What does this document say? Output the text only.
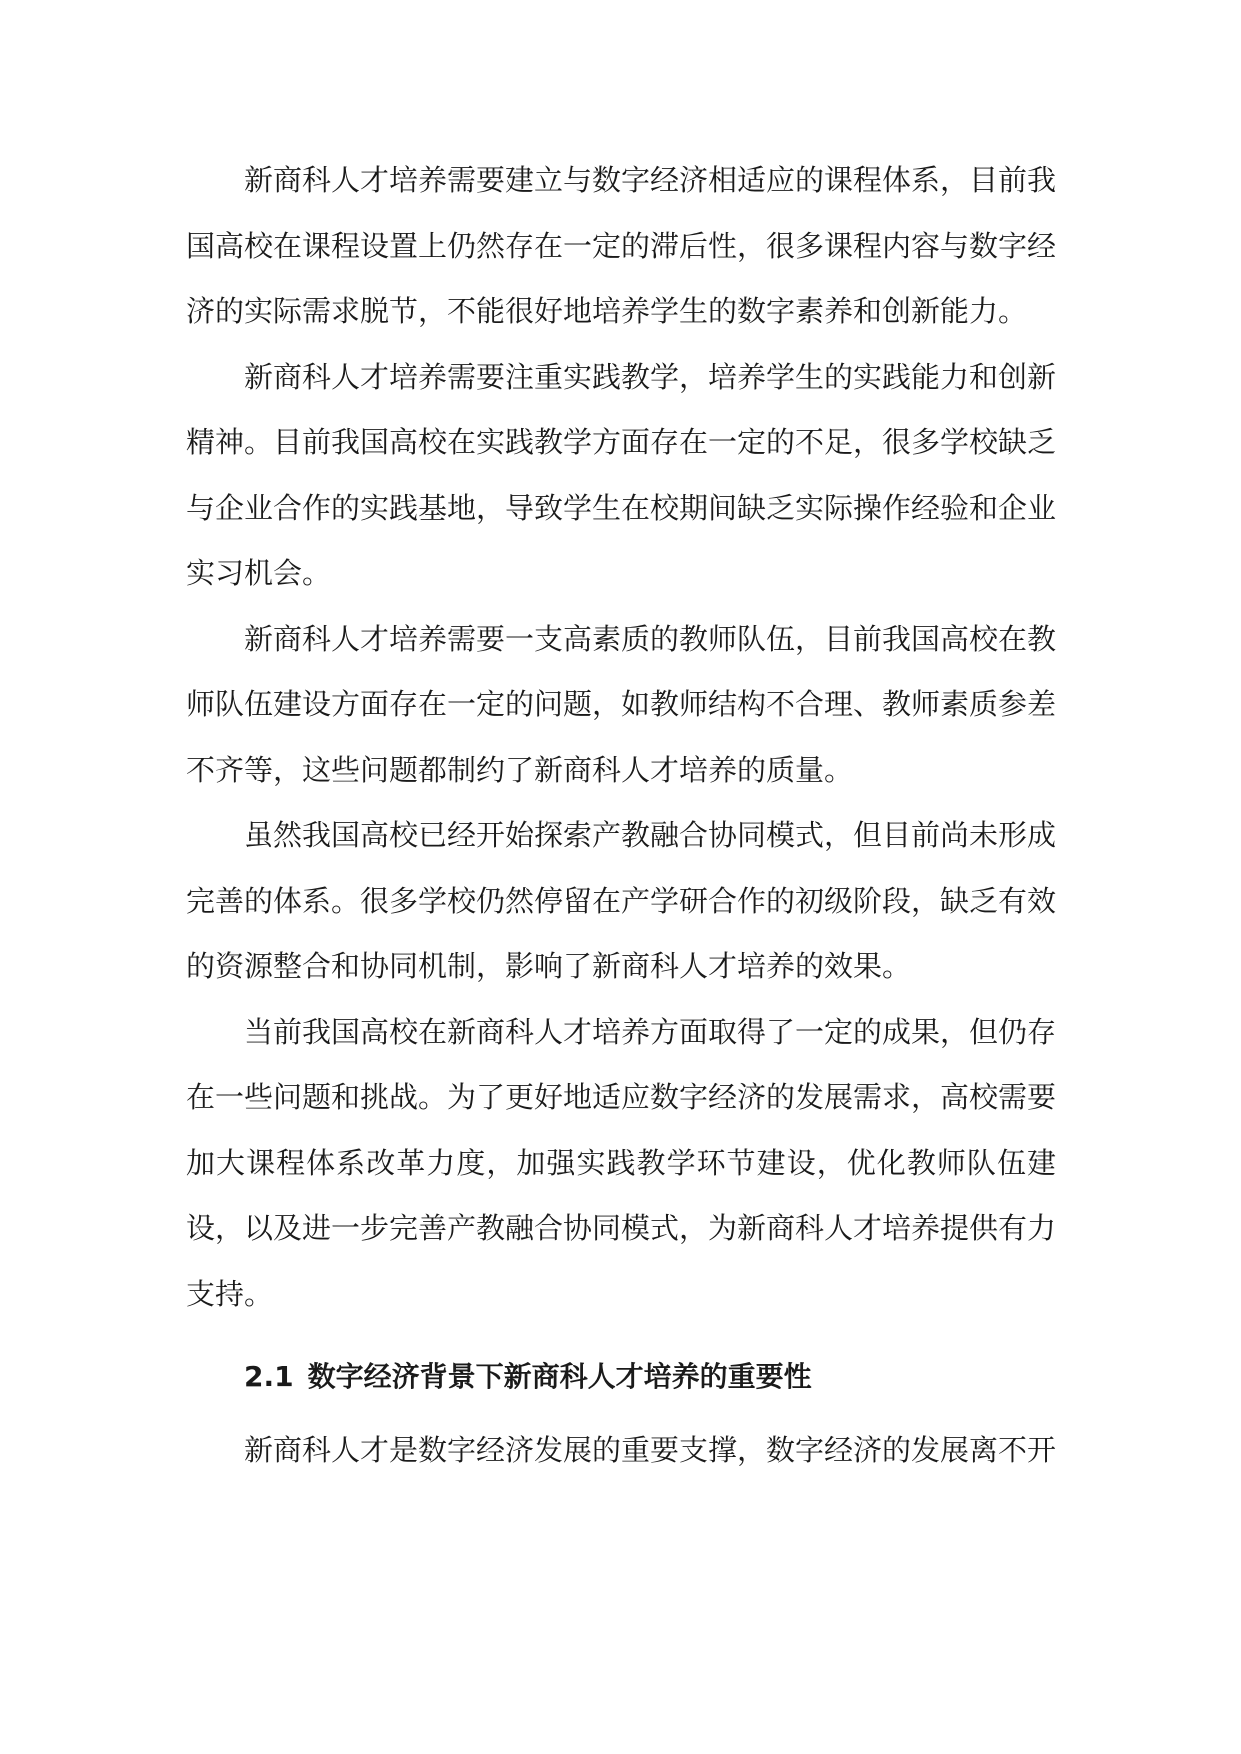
新商科人才培养需要建立与数字经济相适应的课程体系，目前我国高校在课程设置上仍然存在一定的滞后性，很多课程内容与数字经济的实际需求脱节，不能很好地培养学生的数字素养和创新能力。

新商科人才培养需要注重实践教学，培养学生的实践能力和创新精神。目前我国高校在实践教学方面存在一定的不足，很多学校缺乏与企业合作的实践基地，导致学生在校期间缺乏实际操作经验和企业实习机会。

新商科人才培养需要一支高素质的教师队伍，目前我国高校在教师队伍建设方面存在一定的问题，如教师结构不合理、教师素质参差不齐等，这些问题都制约了新商科人才培养的质量。

虽然我国高校已经开始探索产教融合协同模式，但目前尚未形成完善的体系。很多学校仍然停留在产学研合作的初级阶段，缺乏有效的资源整合和协同机制，影响了新商科人才培养的效果。

当前我国高校在新商科人才培养方面取得了一定的成果，但仍存在一些问题和挑战。为了更好地适应数字经济的发展需求，高校需要加大课程体系改革力度，加强实践教学环节建设，优化教师队伍建设，以及进一步完善产教融合协同模式，为新商科人才培养提供有力支持。

2.1 数字经济背景下新商科人才培养的重要性

新商科人才是数字经济发展的重要支撑，数字经济的发展离不开
